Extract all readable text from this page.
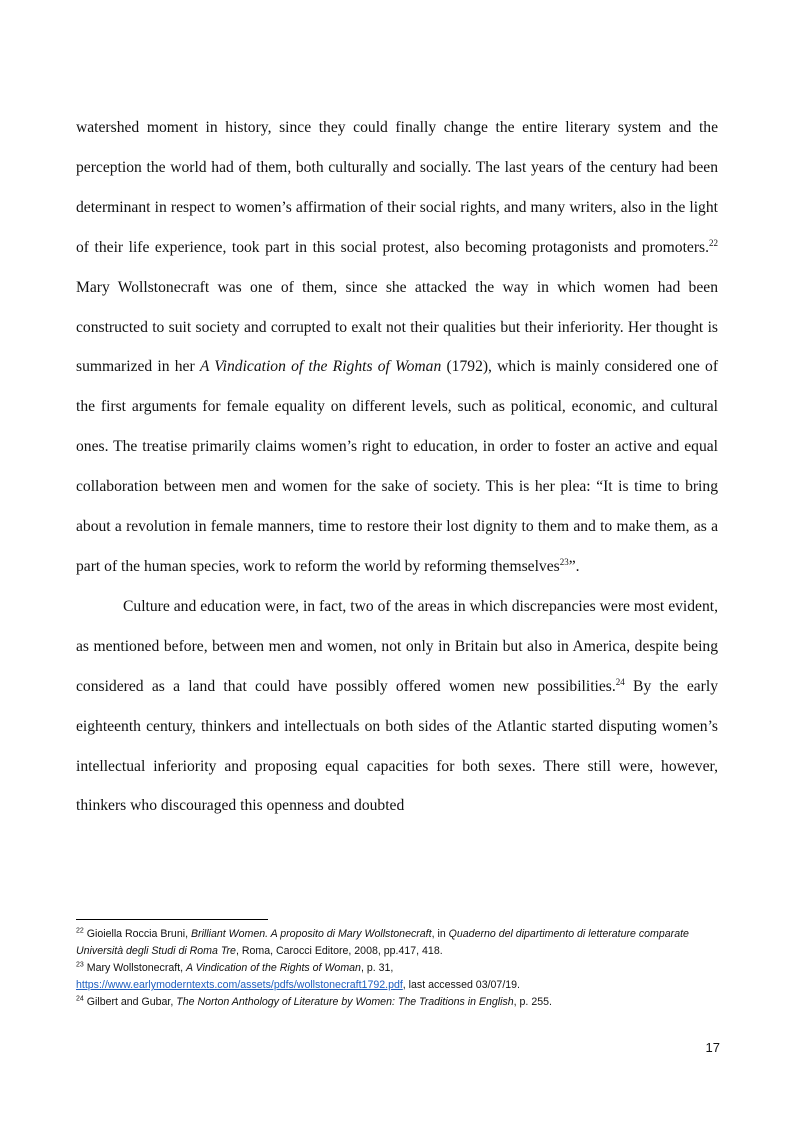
watershed moment in history, since they could finally change the entire literary system and the perception the world had of them, both culturally and socially. The last years of the century had been determinant in respect to women’s affirmation of their social rights, and many writers, also in the light of their life experience, took part in this social protest, also becoming protagonists and promoters.$^{22}$ Mary Wollstonecraft was one of them, since she attacked the way in which women had been constructed to suit society and corrupted to exalt not their qualities but their inferiority. Her thought is summarized in her A Vindication of the Rights of Woman (1792), which is mainly considered one of the first arguments for female equality on different levels, such as political, economic, and cultural ones. The treatise primarily claims women’s right to education, in order to foster an active and equal collaboration between men and women for the sake of society. This is her plea: “It is time to bring about a revolution in female manners, time to restore their lost dignity to them and to make them, as a part of the human species, work to reform the world by reforming themselves$^{23}$”.

Culture and education were, in fact, two of the areas in which discrepancies were most evident, as mentioned before, between men and women, not only in Britain but also in America, despite being considered as a land that could have possibly offered women new possibilities.$^{24}$ By the early eighteenth century, thinkers and intellectuals on both sides of the Atlantic started disputing women’s intellectual inferiority and proposing equal capacities for both sexes. There still were, however, thinkers who discouraged this openness and doubted

$^{22}$ Gioiella Roccia Bruni, Brilliant Women. A proposito di Mary Wollstonecraft, in Quaderno del dipartimento di letterature comparate Università degli Studi di Roma Tre, Roma, Carocci Editore, 2008, pp.417, 418.

$^{23}$ Mary Wollstonecraft, A Vindication of the Rights of Woman, p. 31,
https://www.earlymoderntexts.com/assets/pdfs/wollstonecraft1792.pdf, last accessed 03/07/19.

$^{24}$ Gilbert and Gubar, The Norton Anthology of Literature by Women: The Traditions in English, p. 255.

17
